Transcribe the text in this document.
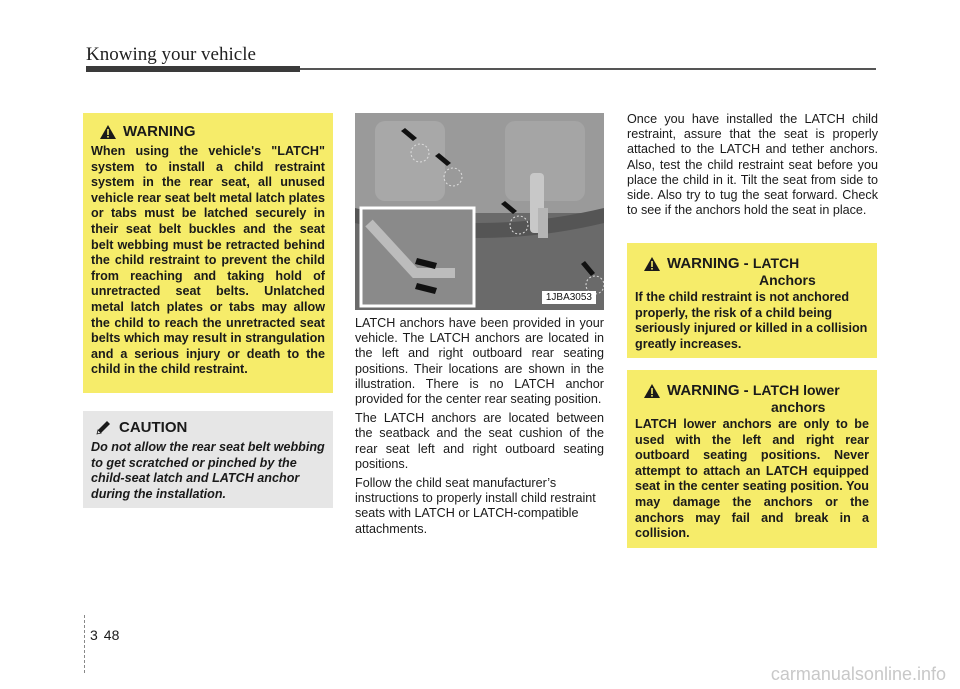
Knowing your vehicle
WARNING
When using the vehicle's "LATCH" system to install a child restraint system in the rear seat, all unused vehicle rear seat belt metal latch plates or tabs must be latched securely in their seat belt buckles and the seat belt webbing must be retracted behind the child restraint to prevent the child from reaching and taking hold of unretracted seat belts. Unlatched metal latch plates or tabs may allow the child to reach the unretracted seat belts which may result in strangulation and a serious injury or death to the child in the child restraint.
CAUTION
Do not allow the rear seat belt webbing to get scratched or pinched by the child-seat latch and LATCH anchor during the installation.
1JBA3053

LATCH anchors have been provided in your vehicle. The LATCH anchors are located in the left and right outboard rear seating positions. Their locations are shown in the illustration. There is no LATCH anchor provided for the center rear seating position.

The LATCH anchors are located between the seatback and the seat cushion of the rear seat left and right outboard seating positions.

Follow the child seat manufacturer’s instructions to properly install child restraint seats with LATCH or LATCH-compatible attachments.

Once you have installed the LATCH child restraint, assure that the seat is properly attached to the LATCH and tether anchors. Also, test the child restraint seat before you place the child in it. Tilt the seat from side to side. Also try to tug the seat forward. Check to see if the anchors hold the seat in place.

WARNING - LATCH
Anchors
If the child restraint is not anchored properly, the risk of a child being seriously injured or killed in a collision greatly increases.
WARNING - LATCH lower
anchors
LATCH lower anchors are only to be used with the left and right rear outboard seating positions. Never attempt to attach an LATCH equipped seat in the center seating position. You may damage the anchors or the anchors may fail and break in a collision.
3 48
carmanualsonline.info
